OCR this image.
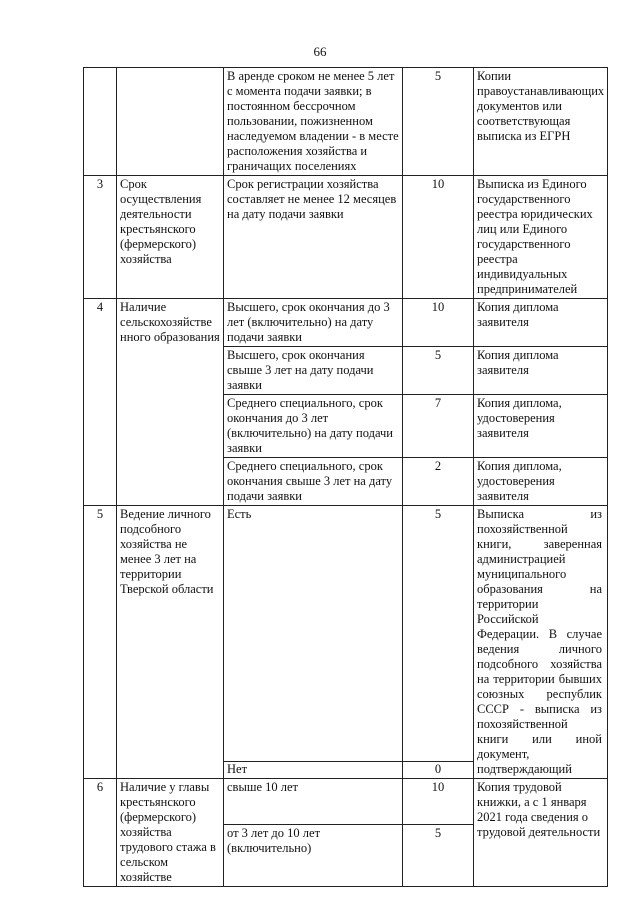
66
		В аренде сроком не менее 5 лет с момента подачи заявки; в постоянном бессрочном пользовании, пожизненном наследуемом владении - в месте расположения хозяйства и граничащих поселениях	5	Копии правоустанавливающих документов или соответствующая выписка из ЕГРН
3	Срок осуществления деятельности крестьянского (фермерского) хозяйства	Срок регистрации хозяйства составляет не менее 12 месяцев на дату подачи заявки	10	Выписка из Единого государственного реестра юридических лиц или Единого государственного реестра индивидуальных предпринимателей
4	Наличие сельскохозяйстве нного образования	Высшего, срок окончания до 3 лет (включительно) на дату подачи заявки	10	Копия диплома заявителя
		Высшего, срок окончания свыше 3 лет на дату подачи заявки	5	Копия диплома заявителя
		Среднего специального, срок окончания до 3 лет (включительно) на дату подачи заявки	7	Копия диплома, удостоверения заявителя
		Среднего специального, срок окончания свыше 3 лет на дату подачи заявки	2	Копия диплома, удостоверения заявителя
5	Ведение личного подсобного хозяйства не менее 3 лет на территории Тверской области	Есть	5	Выписка из похозяйственной книги, заверенная администрацией муниципального образования на территории Российской Федерации. В случае ведения личного подсобного хозяйства на территории бывших союзных республик СССР - выписка из похозяйственной книги или иной документ, подтверждающий
		Нет	0	
6	Наличие у главы крестьянского (фермерского) хозяйства трудового стажа в сельском хозяйстве	свыше 10 лет	10	Копия трудовой книжки, а с 1 января 2021 года сведения о трудовой деятельности
		от 3 лет до 10 лет (включительно)	5	
